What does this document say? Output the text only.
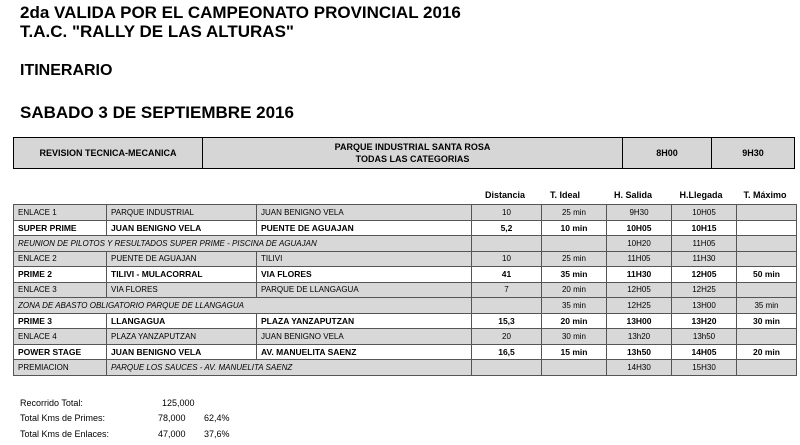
2da VALIDA POR EL CAMPEONATO PROVINCIAL 2016
T.A.C. "RALLY DE LAS ALTURAS"
ITINERARIO
SABADO 3 DE SEPTIEMBRE 2016
REVISION TECNICA-MECANICA
PARQUE INDUSTRIAL SANTA ROSA
TODAS LAS CATEGORIAS
8H00	9H30
Distancia	T. Ideal	H. Salida	H.Llegada	T. Máximo
ENLACE 1	PARQUE INDUSTRIAL	JUAN BENIGNO VELA	10	25 min	9H30	10H05	
SUPER PRIME	JUAN BENIGNO VELA	PUENTE DE AGUAJAN	5,2	10 min	10H05	10H15	
REUNION DE PILOTOS Y RESULTADOS SUPER PRIME - PISCINA DE AGUAJAN					10H20	11H05	
ENLACE 2	PUENTE DE AGUAJAN	TILIVI	10	25 min	11H05	11H30	
PRIME 2	TILIVI - MULACORRAL	VIA FLORES	41	35 min	11H30	12H05	50 min
ENLACE 3	VIA FLORES	PARQUE DE LLANGAGUA	7	20 min	12H05	12H25	
ZONA DE ABASTO OBLIGATORIO PARQUE DE LLANGAGUA				35 min	12H25	13H00	35 min
PRIME 3	LLANGAGUA	PLAZA YANZAPUTZAN	15,3	20 min	13H00	13H20	30 min
ENLACE 4	PLAZA YANZAPUTZAN	JUAN BENIGNO VELA	20	30 min	13h20	13h50	
POWER STAGE	JUAN BENIGNO VELA	AV. MANUELITA SAENZ	16,5	15 min	13h50	14H05	20 min
PREMIACION	PARQUE LOS SAUCES - AV. MANUELITA SAENZ				14H30	15H30	
Recorrido Total:	125,000
Total Kms de Primes:	78,000 62,4%
Total Kms de Enlaces:	47,000 37,6%
